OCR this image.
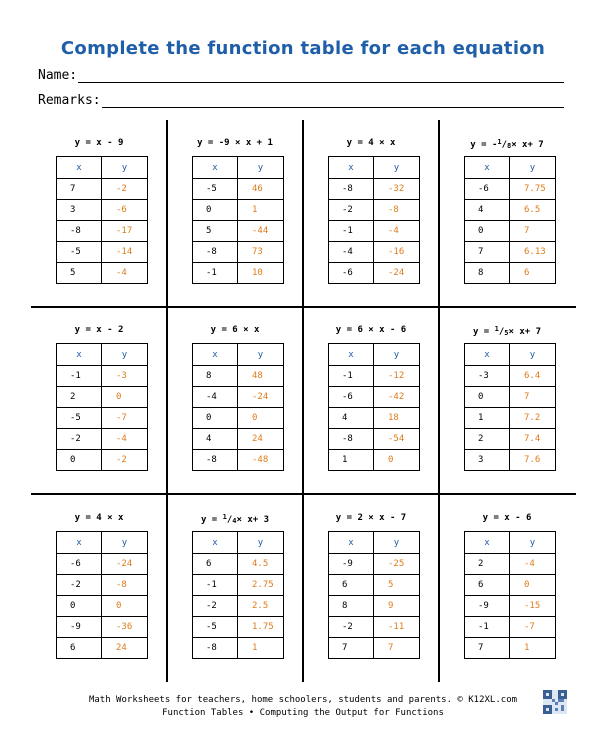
Complete the function table for each equation
Name:
Remarks:
y = x - 9
x	y
7	-2
3	-6
-8	-17
-5	-14
5	-4
y = -9 × x + 1
x	y
-5	46
0	1
5	-44
-8	73
-1	10
y = 4 × x
x	y
-8	-32
-2	-8
-1	-4
-4	-16
-6	-24
$y = -^1/_8\times x+ 7$
x	y
-6	7.75
4	6.5
0	7
7	6.13
8	6
y = x - 2
x	y
-1	-3
2	0
-5	-7
-2	-4
0	-2
y = 6 × x
x	y
8	48
-4	-24
0	0
4	24
-8	-48
y = 6 × x - 6
x	y
-1	-12
-6	-42
4	18
-8	-54
1	0
$y = ^1/_5\times x+ 7$
x	y
-3	6.4
0	7
1	7.2
2	7.4
3	7.6
y = 4 × x
x	y
-6	-24
-2	-8
0	0
-9	-36
6	24
$y = ^1/_4\times x+ 3$
x	y
6	4.5
-1	2.75
-2	2.5
-5	1.75
-8	1
y = 2 × x - 7
x	y
-9	-25
6	5
8	9
-2	-11
7	7
y = x - 6
x	y
2	-4
6	0
-9	-15
-1	-7
7	1
Math Worksheets for teachers, home schoolers, students and parents. © K12XL.com
Function Tables • Computing the Output for Functions
